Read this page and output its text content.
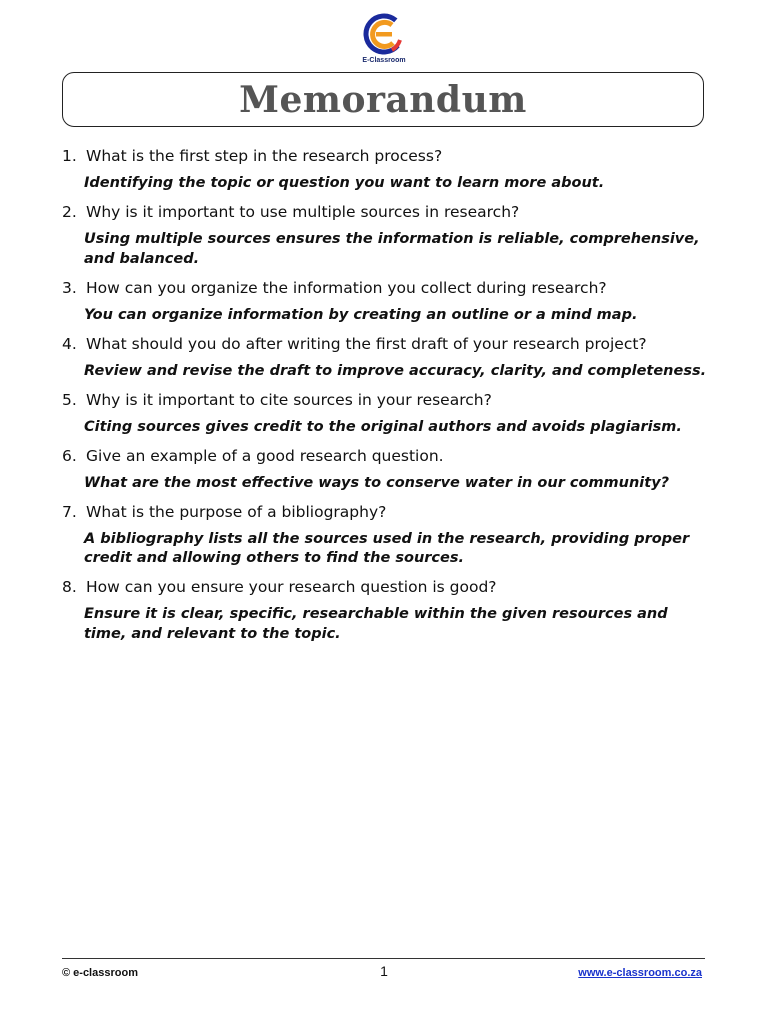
E-Classroom
Memorandum
1. What is the first step in the research process?
Identifying the topic or question you want to learn more about.
2. Why is it important to use multiple sources in research?
Using multiple sources ensures the information is reliable, comprehensive, and balanced.
3. How can you organize the information you collect during research?
You can organize information by creating an outline or a mind map.
4. What should you do after writing the first draft of your research project?
Review and revise the draft to improve accuracy, clarity, and completeness.
5. Why is it important to cite sources in your research?
Citing sources gives credit to the original authors and avoids plagiarism.
6. Give an example of a good research question.
What are the most effective ways to conserve water in our community?
7. What is the purpose of a bibliography?
A bibliography lists all the sources used in the research, providing proper credit and allowing others to find the sources.
8. How can you ensure your research question is good?
Ensure it is clear, specific, researchable within the given resources and time, and relevant to the topic.
© e-classroom	1	www.e-classroom.co.za
